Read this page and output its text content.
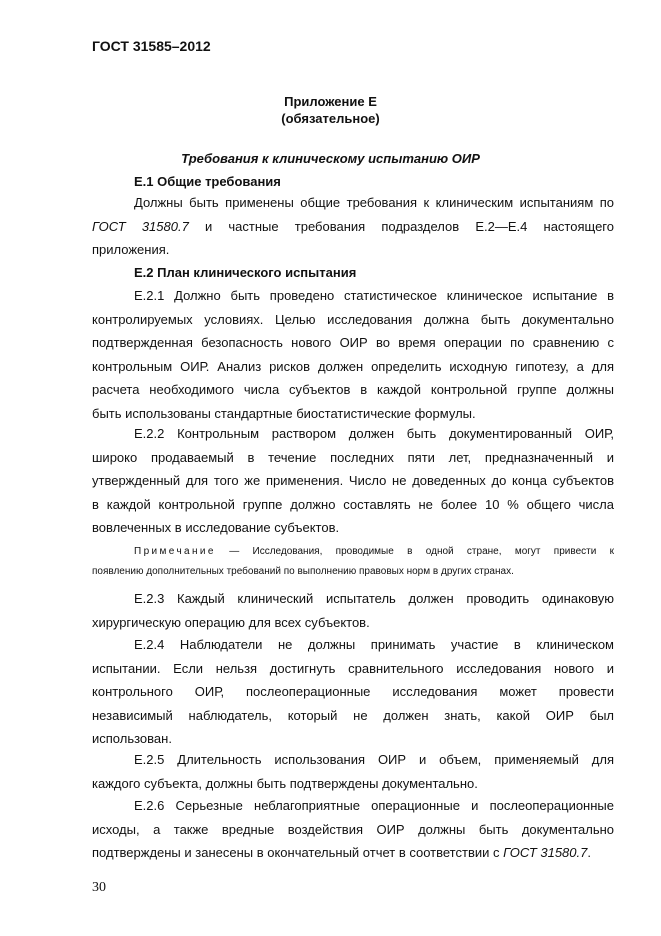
ГОСТ 31585–2012
Приложение Е
(обязательное)
Требования к клиническому испытанию ОИР
Е.1 Общие требования
Должны быть применены общие требования к клиническим испытаниям по
ГОСТ 31580.7 и частные требования подразделов Е.2—Е.4 настоящего
приложения.
Е.2 План клинического испытания
Е.2.1 Должно быть проведено статистическое клиническое испытание в
контролируемых условиях. Целью исследования должна быть документально
подтвержденная безопасность нового ОИР во время операции по сравнению с
контрольным ОИР. Анализ рисков должен определить исходную гипотезу, а для
расчета необходимого числа субъектов в каждой контрольной группе должны
быть использованы стандартные биостатистические формулы.
Е.2.2 Контрольным раствором должен быть документированный ОИР,
широко продаваемый в течение последних пяти лет, предназначенный и
утвержденный для того же применения. Число не доведенных до конца субъектов
в каждой контрольной группе должно составлять не более 10 % общего числа
вовлеченных в исследование субъектов.
Примечание — Исследования, проводимые в одной стране, могут привести к
появлению дополнительных требований по выполнению правовых норм в других странах.
Е.2.3 Каждый клинический испытатель должен проводить одинаковую
хирургическую операцию для всех субъектов.
Е.2.4 Наблюдатели не должны принимать участие в клиническом
испытании. Если нельзя достигнуть сравнительного исследования нового и
контрольного ОИР, послеоперационные исследования может провести
независимый наблюдатель, который не должен знать, какой ОИР был
использован.
Е.2.5 Длительность использования ОИР и объем, применяемый для
каждого субъекта, должны быть подтверждены документально.
Е.2.6 Серьезные неблагоприятные операционные и послеоперационные
исходы, а также вредные воздействия ОИР должны быть документально
подтверждены и занесены в окончательный отчет в соответствии с ГОСТ 31580.7.
30
